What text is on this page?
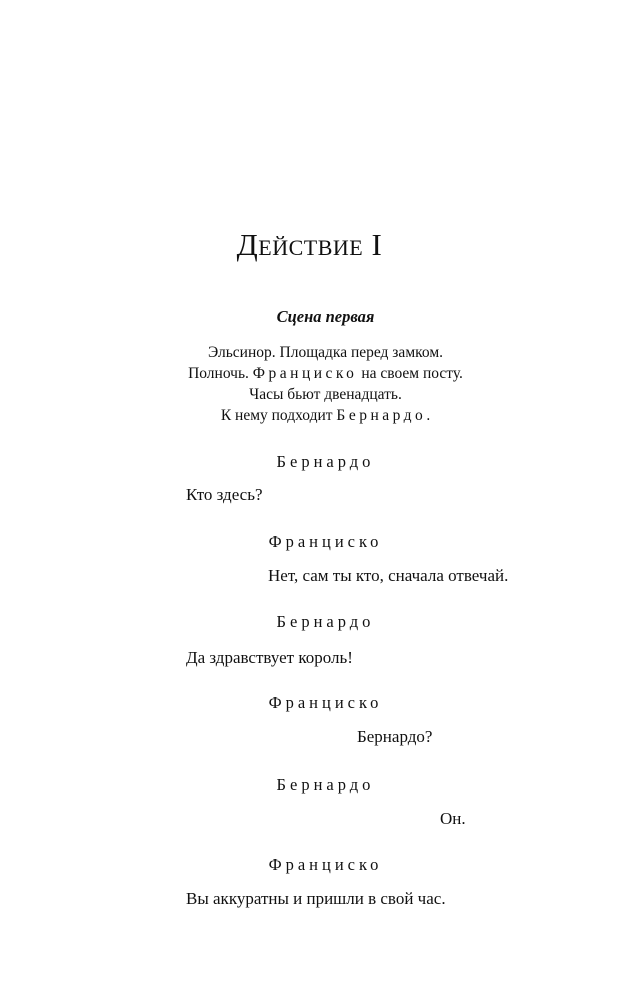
Действие I
Сцена первая
Эльсинор. Площадка перед замком.
Полночь. Франциско на своем посту.
Часы бьют двенадцать.
К нему подходит Бернардо.
Бернардо
Кто здесь?
Франциско
Нет, сам ты кто, сначала отвечай.
Бернардо
Да здравствует король!
Франциско
Бернардо?
Бернардо
Он.
Франциско
Вы аккуратны и пришли в свой час.
